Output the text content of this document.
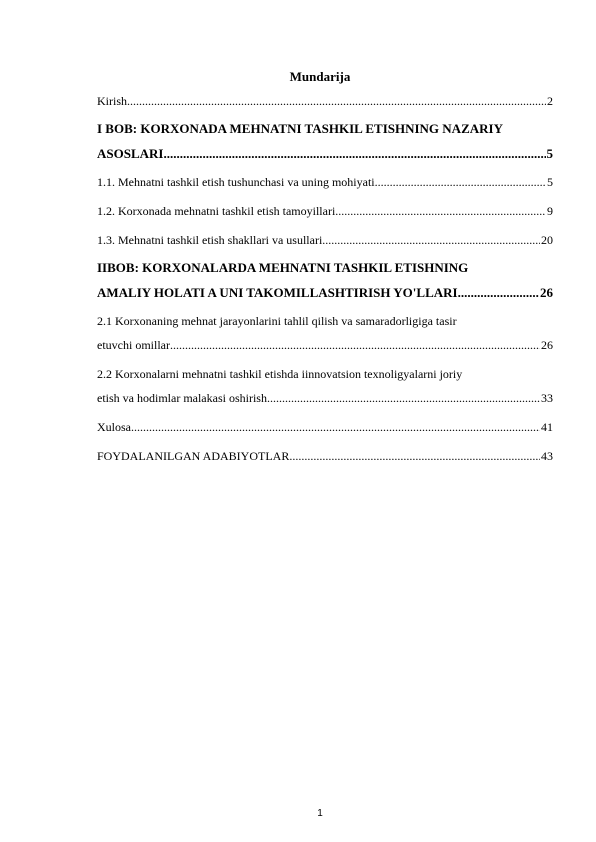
Mundarija
Kirish .....	2
I BOB: KORXONADA MEHNATNI TASHKIL ETISHNING NAZARIY
ASOSLARI .....	5
1.1. Mehnatni tashkil etish tushunchasi va uning mohiyati .....	5
1.2. Korxonada mehnatni tashkil etish tamoyillari .....	9
1.3. Mehnatni tashkil etish shakllari va usullari .....	20
IIBOB: KORXONALARDA MEHNATNI TASHKIL ETISHNING
AMALIY HOLATI A UNI TAKOMILLASHTIRISH YO'LLARI .....	26
2.1 Korxonaning mehnat jarayonlarini tahlil qilish va samaradorligiga tasir
etuvchi omillar .....	26
2.2 Korxonalarni mehnatni tashkil etishda iinnovatsion texnoligyalarni joriy
etish va hodimlar malakasi oshirish .....	33
Xulosa .....	41
FOYDALANILGAN ADABIYOTLAR .....	43
1
